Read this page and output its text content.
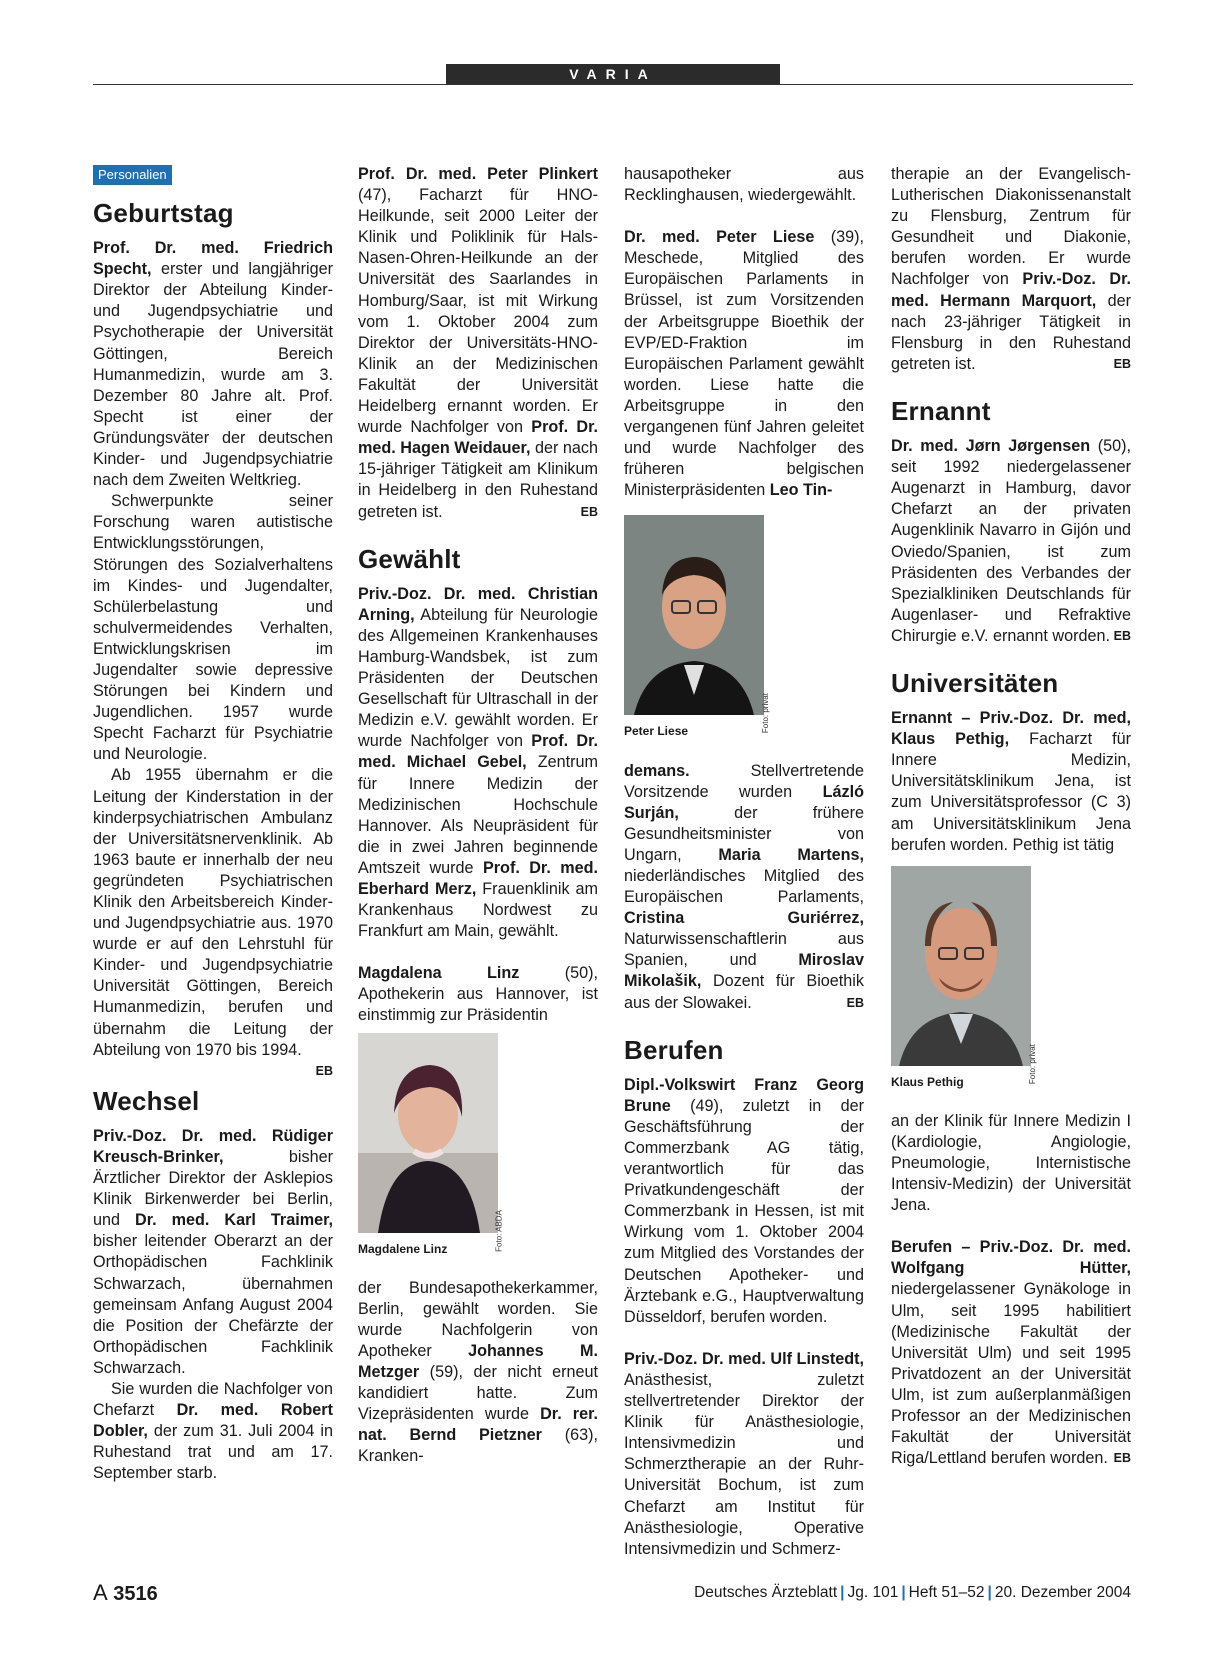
VARIA
Personalien
Geburtstag

Prof. Dr. med. Friedrich Specht, erster und langjähriger Direktor der Abteilung Kinder- und Jugendpsychiatrie und Psychotherapie der Universität Göttingen, Bereich Humanmedizin, wurde am 3. Dezember 80 Jahre alt. Prof. Specht ist einer der Gründungsväter der deutschen Kinder- und Jugendpsychiatrie nach dem Zweiten Weltkrieg.

Schwerpunkte seiner Forschung waren autistische Entwicklungsstörungen, Störungen des Sozialverhaltens im Kindes- und Jugendalter, Schülerbelastung und schulvermeidendes Verhalten, Entwicklungskrisen im Jugendalter sowie depressive Störungen bei Kindern und Jugendlichen. 1957 wurde Specht Facharzt für Psychiatrie und Neurologie.

Ab 1955 übernahm er die Leitung der Kinderstation in der kinderpsychiatrischen Ambulanz der Universitätsnervenklinik. Ab 1963 baute er innerhalb der neu gegründeten Psychiatrischen Klinik den Arbeitsbereich Kinder- und Jugendpsychiatrie aus. 1970 wurde er auf den Lehrstuhl für Kinder- und Jugendpsychiatrie Universität Göttingen, Bereich Humanmedizin, berufen und übernahm die Leitung der Abteilung von 1970 bis 1994.
EB

Wechsel

Priv.-Doz. Dr. med. Rüdiger Kreusch-Brinker, bisher Ärztlicher Direktor der Asklepios Klinik Birkenwerder bei Berlin, und Dr. med. Karl Traimer, bisher leitender Oberarzt an der Orthopädischen Fachklinik Schwarzach, übernahmen gemeinsam Anfang August 2004 die Position der Chefärzte der Orthopädischen Fachklinik Schwarzach.

Sie wurden die Nachfolger von Chefarzt Dr. med. Robert Dobler, der zum 31. Juli 2004 in Ruhestand trat und am 17. September starb.

Prof. Dr. med. Peter Plinkert (47), Facharzt für HNO-Heilkunde, seit 2000 Leiter der Klinik und Poliklinik für Hals-Nasen-Ohren-Heilkunde an der Universität des Saarlandes in Homburg/Saar, ist mit Wirkung vom 1. Oktober 2004 zum Direktor der Universitäts-HNO-Klinik an der Medizinischen Fakultät der Universität Heidelberg ernannt worden. Er wurde Nachfolger von Prof. Dr. med. Hagen Weidauer, der nach 15-jähriger Tätigkeit am Klinikum in Heidelberg in den Ruhestand getreten ist.	EB

Gewählt

Priv.-Doz. Dr. med. Christian Arning, Abteilung für Neurologie des Allgemeinen Krankenhauses Hamburg-Wandsbek, ist zum Präsidenten der Deutschen Gesellschaft für Ultraschall in der Medizin e.V. gewählt worden. Er wurde Nachfolger von Prof. Dr. med. Michael Gebel, Zentrum für Innere Medizin der Medizinischen Hochschule Hannover. Als Neupräsident für die in zwei Jahren beginnende Amtszeit wurde Prof. Dr. med. Eberhard Merz, Frauenklinik am Krankenhaus Nordwest zu Frankfurt am Main, gewählt.

Magdalena Linz (50), Apothekerin aus Hannover, ist einstimmig zur Präsidentin

Foto: ABDA
Magdalene Linz

der Bundesapothekerkammer, Berlin, gewählt worden. Sie wurde Nachfolgerin von Apotheker Johannes M. Metzger (59), der nicht erneut kandidiert hatte. Zum Vizepräsidenten wurde Dr. rer. nat. Bernd Pietzner (63), Kranken-

hausapotheker aus Recklinghausen, wiedergewählt.

Dr. med. Peter Liese (39), Meschede, Mitglied des Europäischen Parlaments in Brüssel, ist zum Vorsitzenden der Arbeitsgruppe Bioethik der EVP/ED-Fraktion im Europäischen Parlament gewählt worden. Liese hatte die Arbeitsgruppe in den vergangenen fünf Jahren geleitet und wurde Nachfolger des früheren belgischen Ministerpräsidenten Leo Tin-

Foto: privat
Peter Liese

demans. Stellvertretende Vorsitzende wurden Lázló Surján, der frühere Gesundheitsminister von Ungarn, Maria Martens, niederländisches Mitglied des Europäischen Parlaments, Cristina Guriérrez, Naturwissenschaftlerin aus Spanien, und Miroslav Mikolašik, Dozent für Bioethik aus der Slowakei.	EB

Berufen

Dipl.-Volkswirt Franz Georg Brune (49), zuletzt in der Geschäftsführung der Commerzbank AG tätig, verantwortlich für das Privatkundengeschäft der Commerzbank in Hessen, ist mit Wirkung vom 1. Oktober 2004 zum Mitglied des Vorstandes der Deutschen Apotheker- und Ärztebank e.G., Hauptverwaltung Düsseldorf, berufen worden.

Priv.-Doz. Dr. med. Ulf Linstedt, Anästhesist, zuletzt stellvertretender Direktor der Klinik für Anästhesiologie, Intensivmedizin und Schmerztherapie an der Ruhr-Universität Bochum, ist zum Chefarzt am Institut für Anästhesiologie, Operative Intensivmedizin und Schmerz-

therapie an der Evangelisch-Lutherischen Diakonissenanstalt zu Flensburg, Zentrum für Gesundheit und Diakonie, berufen worden. Er wurde Nachfolger von Priv.-Doz. Dr. med. Hermann Marquort, der nach 23-jähriger Tätigkeit in Flensburg in den Ruhestand getreten ist.	EB

Ernannt

Dr. med. Jørn Jørgensen (50), seit 1992 niedergelassener Augenarzt in Hamburg, davor Chefarzt an der privaten Augenklinik Navarro in Gijón und Oviedo/Spanien, ist zum Präsidenten des Verbandes der Spezialkliniken Deutschlands für Augenlaser- und Refraktive Chirurgie e.V. ernannt worden. EB

Universitäten

Ernannt – Priv.-Doz. Dr. med, Klaus Pethig, Facharzt für Innere Medizin, Universitätsklinikum Jena, ist zum Universitätsprofessor (C 3) am Universitätsklinikum Jena berufen worden. Pethig ist tätig

Foto: privat
Klaus Pethig

an der Klinik für Innere Medizin I (Kardiologie, Angiologie, Pneumologie, Internistische Intensiv-Medizin) der Universität Jena.

Berufen – Priv.-Doz. Dr. med. Wolfgang Hütter, niedergelassener Gynäkologe in Ulm, seit 1995 habilitiert (Medizinische Fakultät der Universität Ulm) und seit 1995 Privatdozent an der Universität Ulm, ist zum außerplanmäßigen Professor an der Medizinischen Fakultät der Universität Riga/Lettland berufen worden. EB

A 3516	Deutsches Ärzteblatt | Jg. 101 | Heft 51–52 | 20. Dezember 2004
